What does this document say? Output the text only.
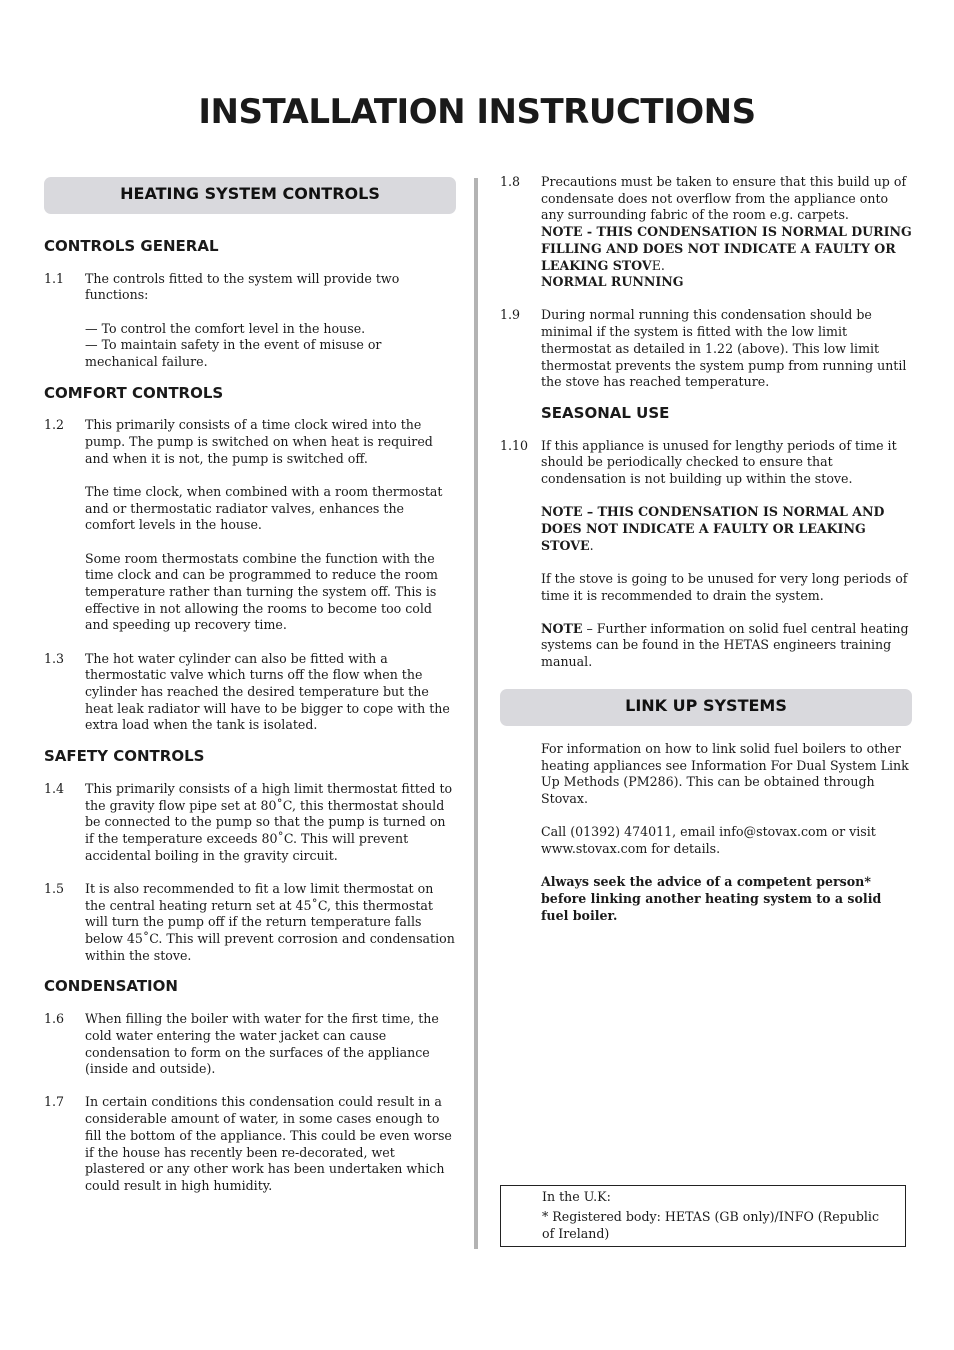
INSTALLATION INSTRUCTIONS
HEATING SYSTEM CONTROLS
CONTROLS GENERAL
1.1 The controls fitted to the system will provide two functions:
— To control the comfort level in the house.
— To maintain safety in the event of misuse or mechanical failure.
COMFORT CONTROLS
1.2 This primarily consists of a time clock wired into the pump. The pump is switched on when heat is required and when it is not, the pump is switched off.
The time clock, when combined with a room thermostat and or thermostatic radiator valves, enhances the comfort levels in the house.
Some room thermostats combine the function with the time clock and can be programmed to reduce the room temperature rather than turning the system off. This is effective in not allowing the rooms to become too cold and speeding up recovery time.
1.3 The hot water cylinder can also be fitted with a thermostatic valve which turns off the flow when the cylinder has reached the desired temperature but the heat leak radiator will have to be bigger to cope with the extra load when the tank is isolated.
SAFETY CONTROLS
1.4 This primarily consists of a high limit thermostat fitted to the gravity flow pipe set at 80˚C, this thermostat should be connected to the pump so that the pump is turned on if the temperature exceeds 80˚C. This will prevent accidental boiling in the gravity circuit.
1.5 It is also recommended to fit a low limit thermostat on the central heating return set at 45˚C, this thermostat will turn the pump off if the return temperature falls below 45˚C. This will prevent corrosion and condensation within the stove.
CONDENSATION
1.6 When filling the boiler with water for the first time, the cold water entering the water jacket can cause condensation to form on the surfaces of the appliance (inside and outside).
1.7 In certain conditions this condensation could result in a considerable amount of water, in some cases enough to fill the bottom of the appliance. This could be even worse if the house has recently been re-decorated, wet plastered or any other work has been undertaken which could result in high humidity.
1.8 Precautions must be taken to ensure that this build up of condensate does not overflow from the appliance onto any surrounding fabric of the room e.g. carpets.
NOTE - THIS CONDENSATION IS NORMAL DURING FILLING AND DOES NOT INDICATE A FAULTY OR LEAKING STOVE.
NORMAL RUNNING
1.9 During normal running this condensation should be minimal if the system is fitted with the low limit thermostat as detailed in 1.22 (above). This low limit thermostat prevents the system pump from running until the stove has reached temperature.
SEASONAL USE
1.10 If this appliance is unused for lengthy periods of time it should be periodically checked to ensure that condensation is not building up within the stove.
NOTE – THIS CONDENSATION IS NORMAL AND DOES NOT INDICATE A FAULTY OR LEAKING STOVE.
If the stove is going to be unused for very long periods of time it is recommended to drain the system.
NOTE – Further information on solid fuel central heating systems can be found in the HETAS engineers training manual.
LINK UP SYSTEMS
For information on how to link solid fuel boilers to other heating appliances see Information For Dual System Link Up Methods (PM286). This can be obtained through Stovax.
Call (01392) 474011, email info@stovax.com or visit www.stovax.com for details.
Always seek the advice of a competent person* before linking another heating system to a solid fuel boiler.

In the U.K:

* Registered body: HETAS (GB only)/INFO (Republic of Ireland)
